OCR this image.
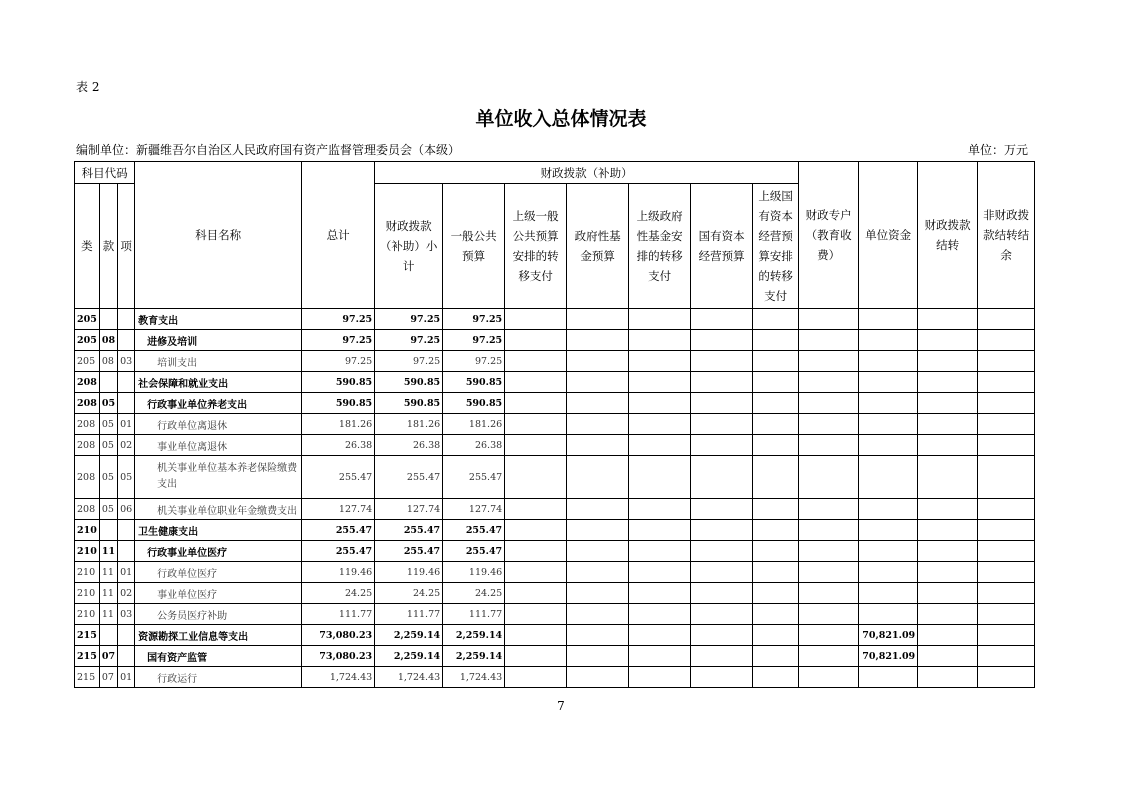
表 2
单位收入总体情况表
编制单位：新疆维吾尔自治区人民政府国有资产监督管理委员会（本级）	单位：万元
科目代码			科目名称	总计	财政拨款（补助）							财政专户（教育收费）	单位资金	财政拨款结转	非财政拨款结转结余
类	款	项			财政拨款（补助）小计	一般公共预算	上级一般公共预算安排的转移支付	政府性基金预算	上级政府性基金安排的转移支付	国有资本经营预算	上级国有资本经营预算安排的转移支付				
205			教育支出	97.25	97.25	97.25									
205	08		进修及培训	97.25	97.25	97.25									
205	08	03	培训支出	97.25	97.25	97.25									
208			社会保障和就业支出	590.85	590.85	590.85									
208	05		行政事业单位养老支出	590.85	590.85	590.85									
208	05	01	行政单位离退休	181.26	181.26	181.26									
208	05	02	事业单位离退休	26.38	26.38	26.38									
208	05	05	机关事业单位基本养老保险缴费支出	255.47	255.47	255.47									
208	05	06	机关事业单位职业年金缴费支出	127.74	127.74	127.74									
210			卫生健康支出	255.47	255.47	255.47									
210	11		行政事业单位医疗	255.47	255.47	255.47									
210	11	01	行政单位医疗	119.46	119.46	119.46									
210	11	02	事业单位医疗	24.25	24.25	24.25									
210	11	03	公务员医疗补助	111.77	111.77	111.77									
215			资源勘探工业信息等支出	73,080.23	2,259.14	2,259.14							70,821.09		
215	07		国有资产监管	73,080.23	2,259.14	2,259.14							70,821.09		
215	07	01	行政运行	1,724.43	1,724.43	1,724.43									
7
